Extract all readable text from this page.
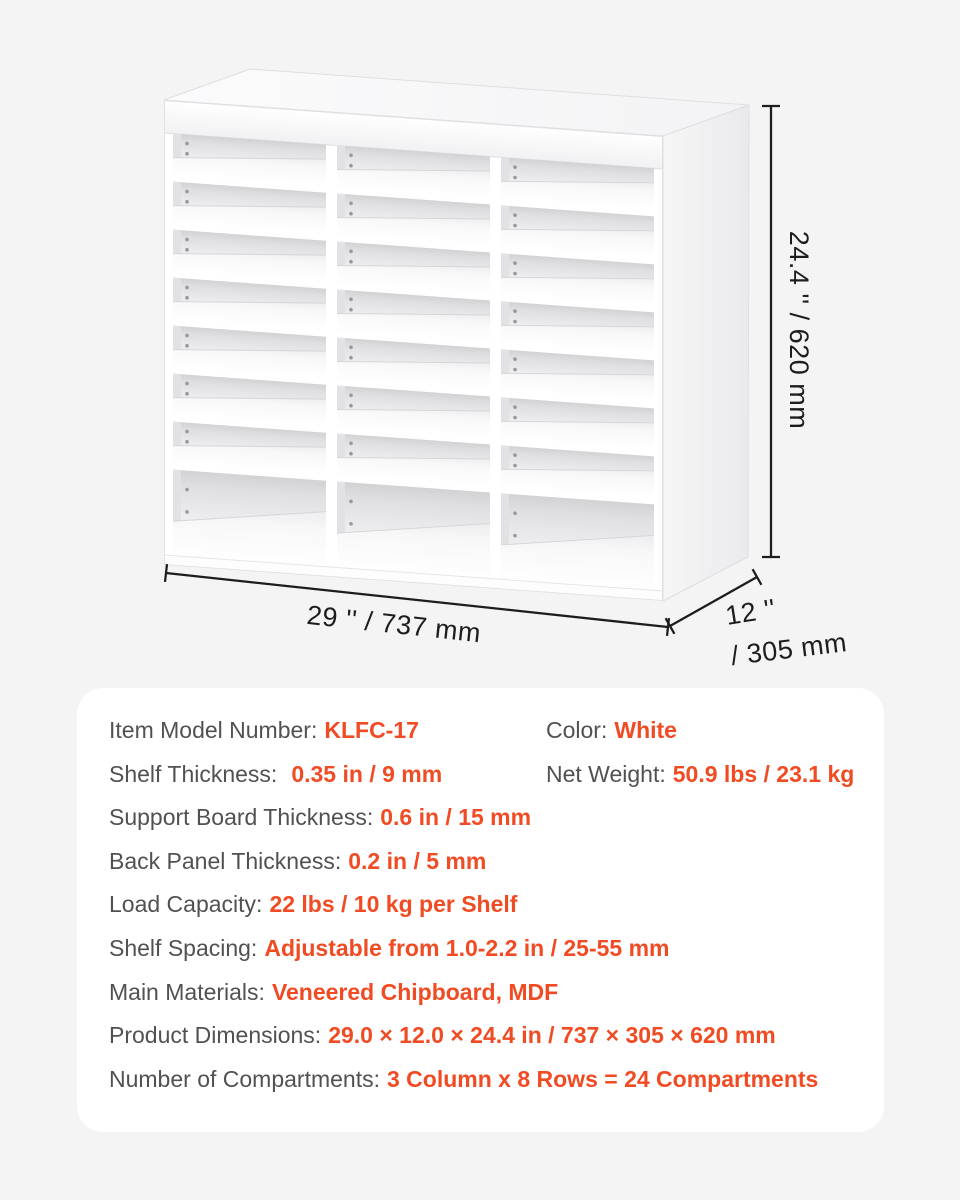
24.4 '' / 620 mm
29 '' / 737 mm	12 ''
/ 305 mm
Item Model Number: KLFC-17	Color: White
Shelf Thickness: 0.35 in / 9 mm	Net Weight: 50.9 lbs / 23.1 kg
Support Board Thickness: 0.6 in / 15 mm
Back Panel Thickness: 0.2 in / 5 mm
Load Capacity: 22 lbs / 10 kg per Shelf
Shelf Spacing: Adjustable from 1.0-2.2 in / 25-55 mm
Main Materials: Veneered Chipboard, MDF
Product Dimensions: 29.0 × 12.0 × 24.4 in / 737 × 305 × 620 mm
Number of Compartments: 3 Column x 8 Rows = 24 Compartments
